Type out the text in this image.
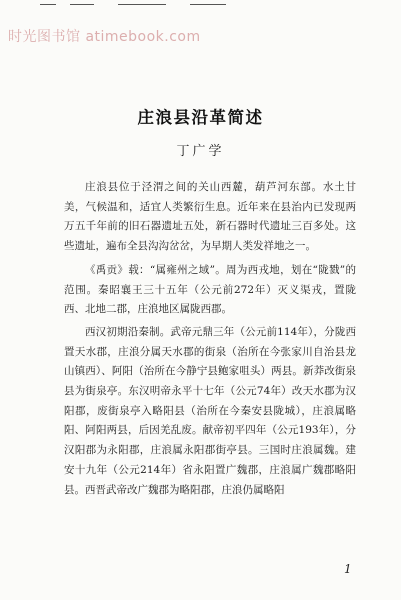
时光图书馆 atimebook.com
庄浪县沿革简述
丁广学

庄浪县位于泾渭之间的关山西麓，葫芦河东部。水土甘美，气候温和，适宜人类繁衍生息。近年来在县治内已发现两万五千年前的旧石器遗址五处，新石器时代遗址三百多处。这些遗址，遍布全县沟沟岔岔，为早期人类发祥地之一。

《禹贡》载：“属雍州之域”。周为西戎地，划在“陇戮”的范围。秦昭襄王三十五年（公元前272年）灭义渠戎，置陇西、北地二郡，庄浪地区属陇西郡。

西汉初期沿秦制。武帝元鼎三年（公元前114年），分陇西置天水郡，庄浪分属天水郡的街泉（治所在今张家川自治县龙山镇西）、阿阳（治所在今静宁县鲍家咀头）两县。新莽改街泉县为街泉亭。东汉明帝永平十七年（公元74年）改天水郡为汉阳郡，废街泉亭入略阳县（治所在今秦安县陇城），庄浪属略阳、阿阳两县，后因羌乱废。献帝初平四年（公元193年），分汉阳郡为永阳郡，庄浪属永阳郡街亭县。三国时庄浪属魏。建安十九年（公元214年）省永阳置广魏郡，庄浪属广魏郡略阳县。西晋武帝改广魏郡为略阳郡，庄浪仍属略阳

1
